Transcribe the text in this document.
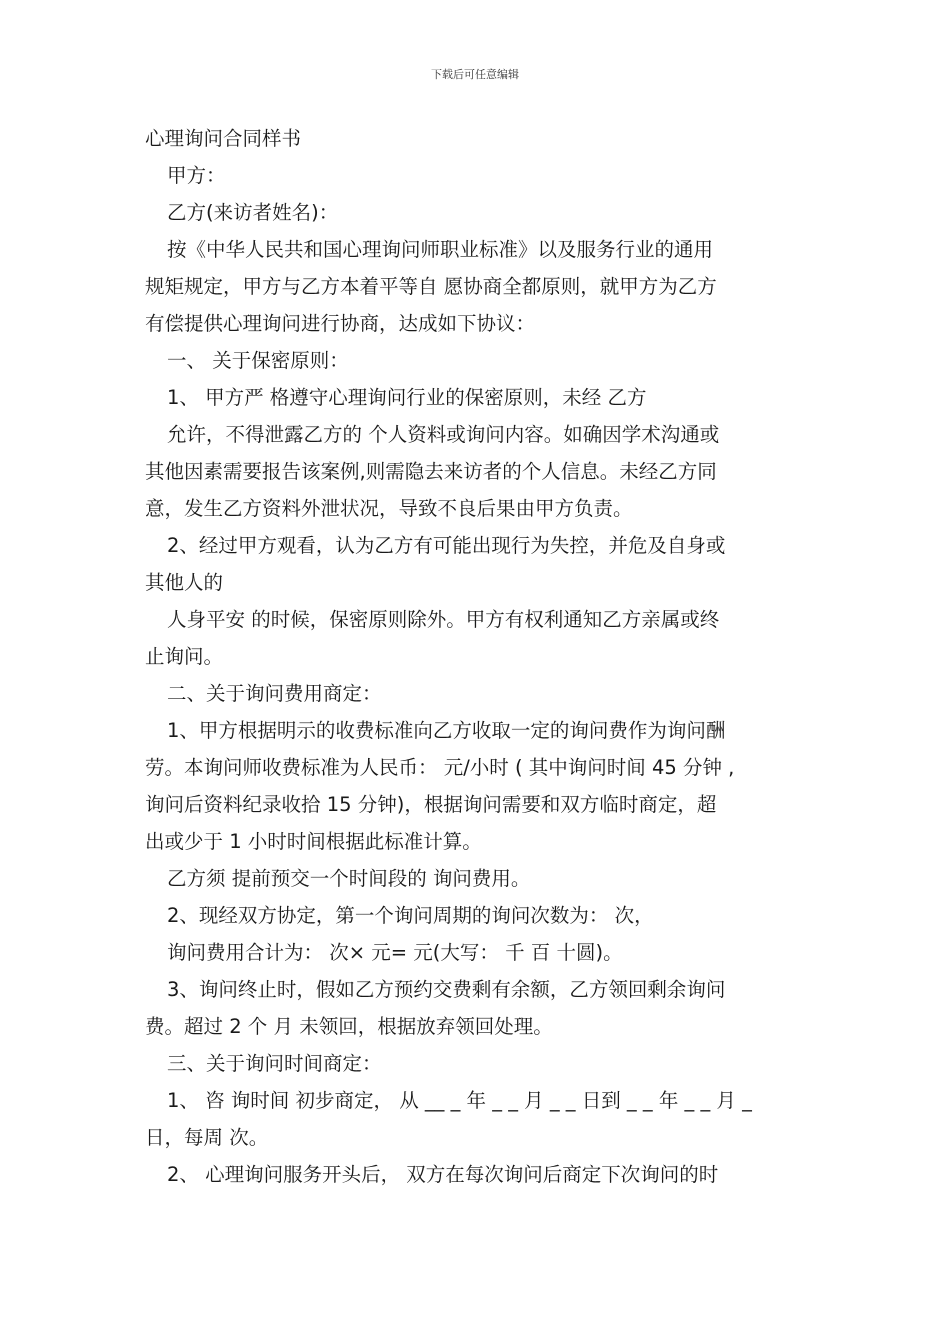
下载后可任意编辑

心理询问合同样书

甲方：

乙方(来访者姓名)：

按《中华人民共和国心理询问师职业标准》以及服务行业的通用

规矩规定，甲方与乙方本着平等自 愿协商全都原则，就甲方为乙方

有偿提供心理询问进行协商，达成如下协议：

一、 关于保密原则：

1、 甲方严 格遵守心理询问行业的保密原则，未经 乙方

允许，不得泄露乙方的 个人资料或询问内容。如确因学术沟通或

其他因素需要报告该案例,则需隐去来访者的个人信息。未经乙方同

意，发生乙方资料外泄状况，导致不良后果由甲方负责。

2、经过甲方观看，认为乙方有可能出现行为失控，并危及自身或

其他人的

人身平安 的时候，保密原则除外。甲方有权利通知乙方亲属或终

止询问。

二、关于询问费用商定：

1、甲方根据明示的收费标准向乙方收取一定的询问费作为询问酬

劳。本询问师收费标准为人民币： 元/小时 ( 其中询问时间 45 分钟 ,

询问后资料纪录收拾 15 分钟)，根据询问需要和双方临时商定，超

出或少于 1 小时时间根据此标准计算。

乙方须 提前预交一个时间段的 询问费用。

2、现经双方协定，第一个询问周期的询问次数为： 次，

询问费用合计为： 次× 元= 元(大写： 千 百 十圆)。

3、询问终止时，假如乙方预约交费剩有余额，乙方领回剩余询问

费。超过 2 个 月 未领回，根据放弃领回处理。

三、关于询问时间商定：

1、 咨 询时间 初步商定， 从 __ _ 年 _ _ 月 _ _ 日到 _ _ 年 _ _ 月 _

日，每周 次。

2、 心理询问服务开头后， 双方在每次询问后商定下次询问的时
